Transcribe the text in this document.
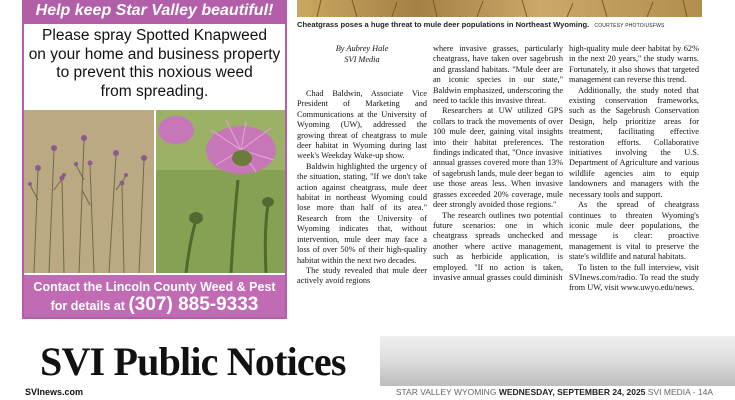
Help keep Star Valley beautiful!
Please spray Spotted Knapweed
on your home and business property
to prevent this noxious weed
from spreading.
Contact the Lincoln County Weed & Pest
for details at (307) 885-9333
Cheatgrass poses a huge threat to mule deer populations in Northeast Wyoming. COURTESY PHOTO/USFWS
By Aubrey Hale
SVI Media

Chad Baldwin, Associate Vice President of Marketing and Communications at the University of Wyoming (UW), addressed the growing threat of cheatgrass to mule deer habitat in Wyoming during last week's Weekday Wake-up show.

Baldwin highlighted the urgency of the situation, stating, "If we don't take action against cheatgrass, mule deer habitat in northeast Wyoming could lose more than half of its area." Research from the University of Wyoming indicates that, without intervention, mule deer may face a loss of over 50% of their high-quality habitat within the next two decades.

The study revealed that mule deer actively avoid regions

where invasive grasses, particularly cheatgrass, have taken over sagebrush and grassland habitats. "Mule deer are an iconic species in our state," Baldwin emphasized, underscoring the need to tackle this invasive threat.

Researchers at UW utilized GPS collars to track the movements of over 100 mule deer, gaining vital insights into their habitat preferences. The findings indicated that, "Once invasive annual grasses covered more than 13% of sagebrush lands, mule deer began to use those areas less. When invasive grasses exceeded 20% coverage, mule deer strongly avoided those regions."

The research outlines two potential future scenarios: one in which cheatgrass spreads unchecked and another where active management, such as herbicide application, is employed. "If no action is taken, invasive annual grasses could diminish

high-quality mule deer habitat by 62% in the next 20 years," the study warns. Fortunately, it also shows that targeted management can reverse this trend.

Additionally, the study noted that existing conservation frameworks, such as the Sagebrush Conservation Design, help prioritize areas for treatment, facilitating effective restoration efforts. Collaborative initiatives involving the U.S. Department of Agriculture and various wildlife agencies aim to equip landowners and managers with the necessary tools and support.

As the spread of cheatgrass continues to threaten Wyoming's iconic mule deer populations, the message is clear: proactive management is vital to preserve the state's wildlife and natural habitats.

To listen to the full interview, visit SVInews.com/radio. To read the study from UW, visit www.uwyo.edu/news.

SVI Public Notices
SVInews.com	STAR VALLEY WYOMING WEDNESDAY, SEPTEMBER 24, 2025 SVI MEDIA - 14A
